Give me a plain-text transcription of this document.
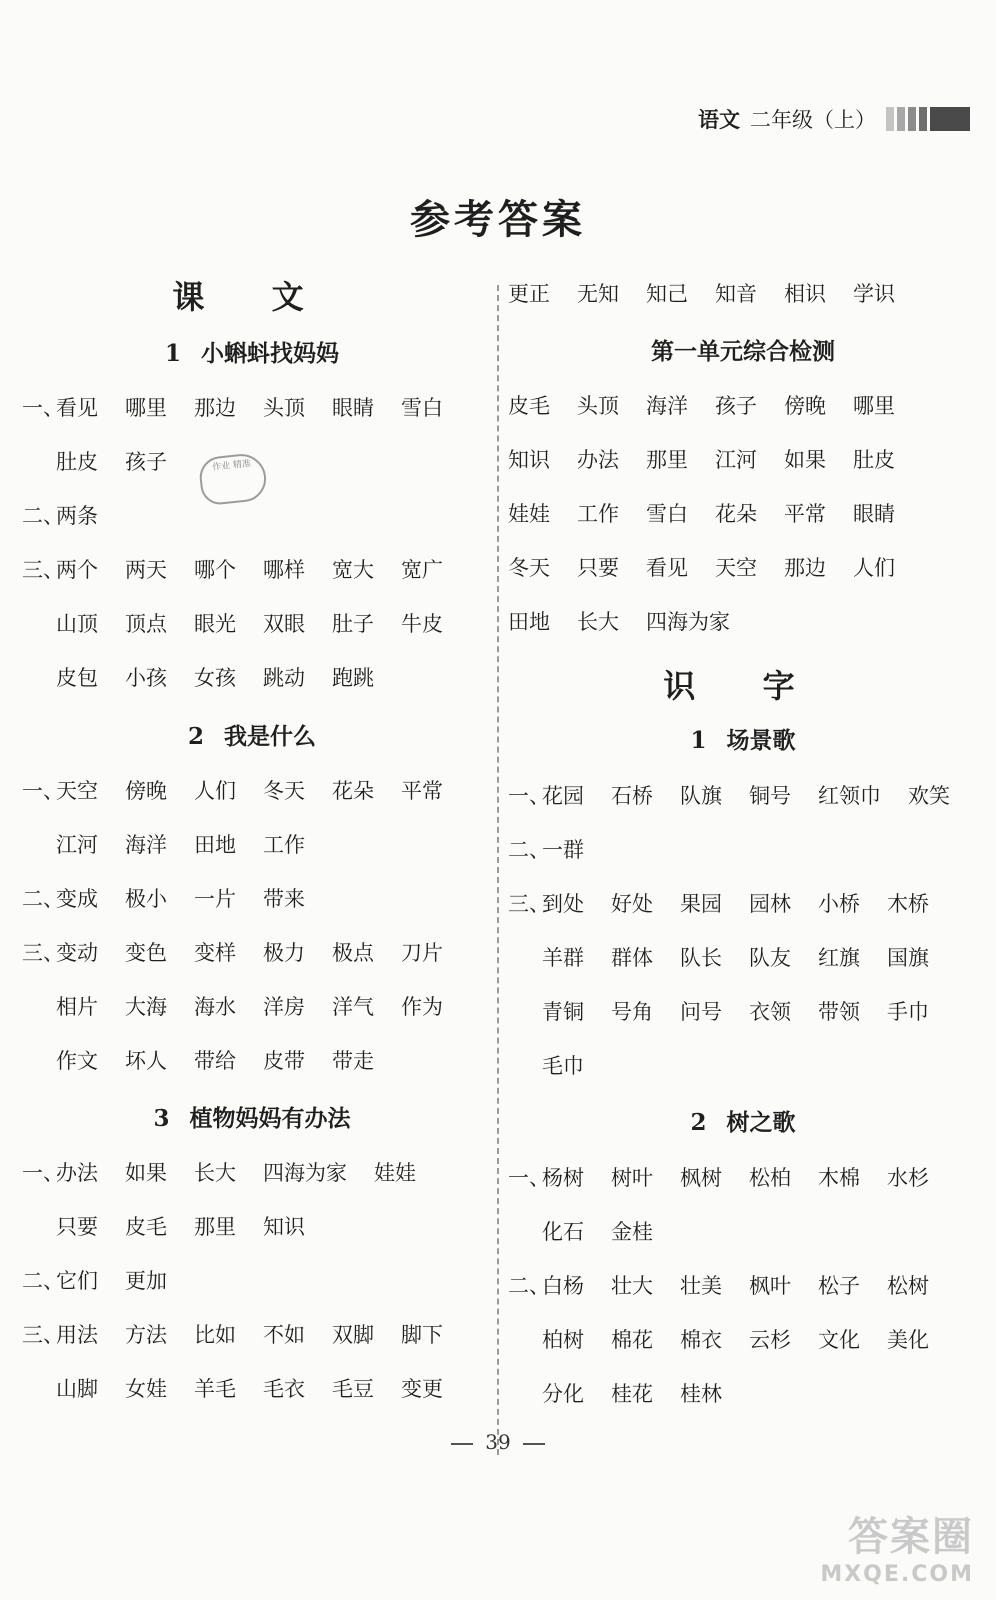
语文 二年级（上）
参考答案
课 文
1 小蝌蚪找妈妈
一、
看见 哪里 那边 头顶 眼睛 雪白
肚皮 孩子
二、
两条
三、
两个 两天 哪个 哪样 宽大 宽广
山顶 顶点 眼光 双眼 肚子 牛皮
皮包 小孩 女孩 跳动 跑跳
2 我是什么
一、
天空 傍晚 人们 冬天 花朵 平常
江河 海洋 田地 工作
二、
变成 极小 一片 带来
三、
变动 变色 变样 极力 极点 刀片
相片 大海 海水 洋房 洋气 作为
作文 坏人 带给 皮带 带走
3 植物妈妈有办法
一、
办法 如果 长大 四海为家 娃娃
只要 皮毛 那里 知识
二、
它们 更加
三、
用法 方法 比如 不如 双脚 脚下
山脚 女娃 羊毛 毛衣 毛豆 变更
更正 无知 知己 知音 相识 学识
第一单元综合检测
皮毛 头顶 海洋 孩子 傍晚 哪里
知识 办法 那里 江河 如果 肚皮
娃娃 工作 雪白 花朵 平常 眼睛
冬天 只要 看见 天空 那边 人们
田地 长大 四海为家
识 字
1 场景歌
一、
花园 石桥 队旗 铜号 红领巾 欢笑
二、
一群
三、
到处 好处 果园 园林 小桥 木桥
羊群 群体 队长 队友 红旗 国旗
青铜 号角 问号 衣领 带领 手巾
毛巾
2 树之歌
一、
杨树 树叶 枫树 松柏 木棉 水杉
化石 金桂
二、
白杨 壮大 壮美 枫叶 松子 松树
柏树 棉花 棉衣 云杉 文化 美化
分化 桂花 桂林
作业 精准
39
答案圈
MXQE.COM
